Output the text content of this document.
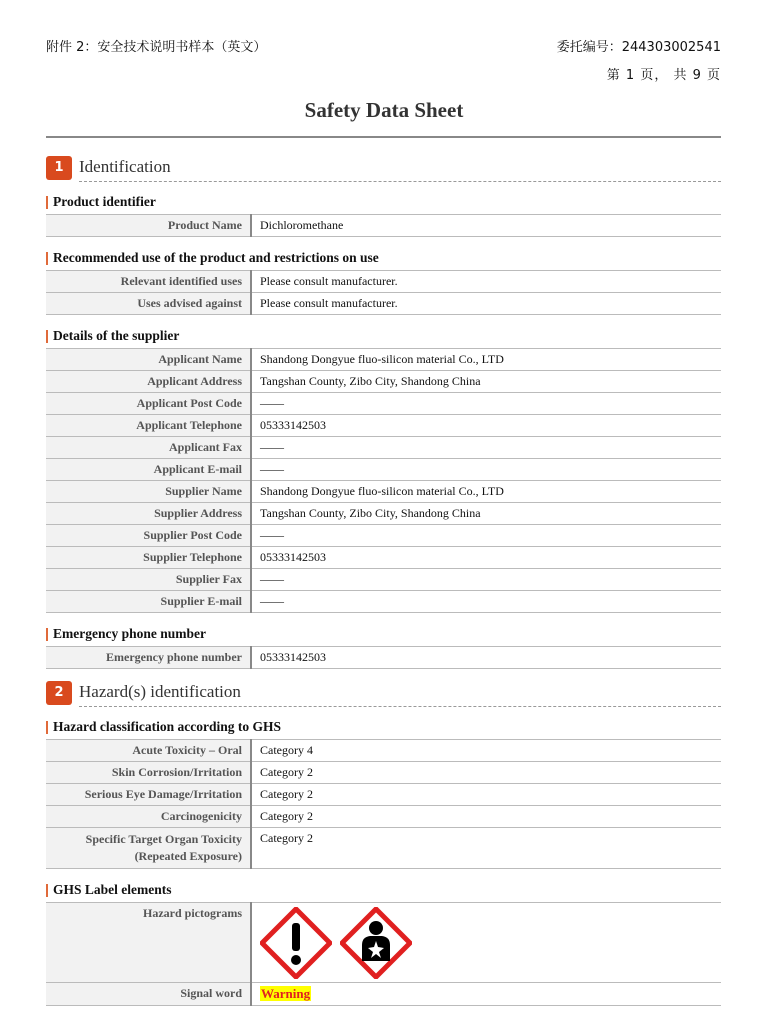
附件 2：安全技术说明书样本（英文）	委托编号：244303002541
第 1 页， 共 9 页
Safety Data Sheet
1 Identification
Product identifier
Product Name	Dichloromethane
Recommended use of the product and restrictions on use
Relevant identified uses	Please consult manufacturer.
Uses advised against	Please consult manufacturer.
Details of the supplier
Applicant Name	Shandong Dongyue fluo-silicon material Co., LTD
Applicant Address	Tangshan County, Zibo City, Shandong China
Applicant Post Code	——
Applicant Telephone	05333142503
Applicant Fax	——
Applicant E-mail	——
Supplier Name	Shandong Dongyue fluo-silicon material Co., LTD
Supplier Address	Tangshan County, Zibo City, Shandong China
Supplier Post Code	——
Supplier Telephone	05333142503
Supplier Fax	——
Supplier E-mail	——
Emergency phone number
Emergency phone number	05333142503
2 Hazard(s) identification
Hazard classification according to GHS
Acute Toxicity – Oral	Category 4
Skin Corrosion/Irritation	Category 2
Serious Eye Damage/Irritation	Category 2
Carcinogenicity	Category 2
Specific Target Organ Toxicity (Repeated Exposure)	Category 2
GHS Label elements
Hazard pictograms	

Signal word	Warning
